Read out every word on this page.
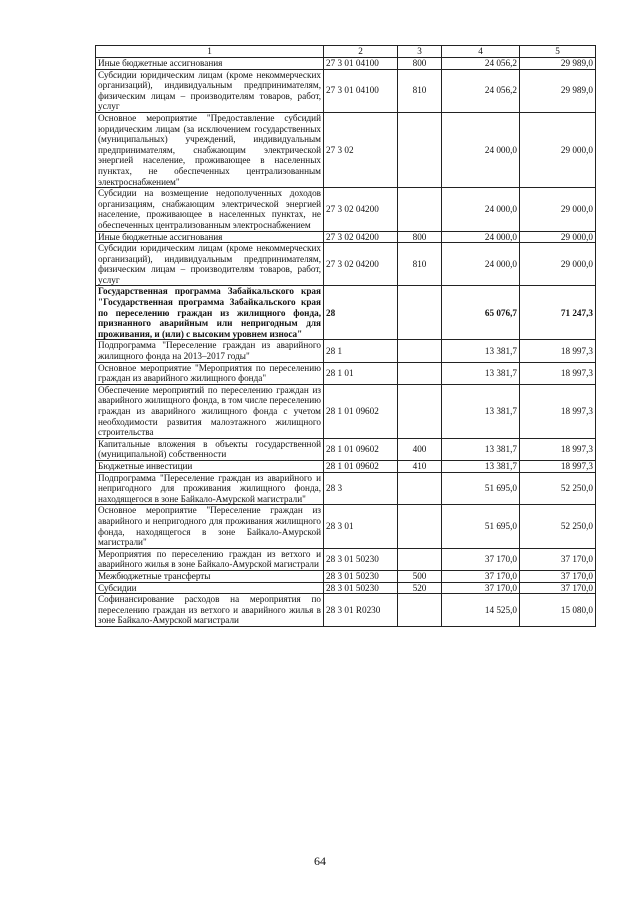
1	2	3	4	5
Иные бюджетные ассигнования	27 3 01 04100	800	24 056,2	29 989,0
Субсидии юридическим лицам (кроме некоммерческих организаций), индивидуальным предпринимателям, физическим лицам – производителям товаров, работ, услуг	27 3 01 04100	810	24 056,2	29 989,0
Основное мероприятие "Предоставление субсидий юридическим лицам (за исключением государственных (муниципальных) учреждений, индивидуальным предпринимателям, снабжающим электрической энергией население, проживающее в населенных пунктах, не обеспеченных централизованным электроснабжением"	27 3 02		24 000,0	29 000,0
Субсидии на возмещение недополученных доходов организациям, снабжающим электрической энергией население, проживающее в населенных пунктах, не обеспеченных централизованным электроснабжением	27 3 02 04200		24 000,0	29 000,0
Иные бюджетные ассигнования	27 3 02 04200	800	24 000,0	29 000,0
Субсидии юридическим лицам (кроме некоммерческих организаций), индивидуальным предпринимателям, физическим лицам – производителям товаров, работ, услуг	27 3 02 04200	810	24 000,0	29 000,0
Государственная программа Забайкальского края "Государственная программа Забайкальского края по переселению граждан из жилищного фонда, признанного аварийным или непригодным для проживания, и (или) с высоким уровнем износа"	28		65 076,7	71 247,3
Подпрограмма "Переселение граждан из аварийного жилищного фонда на 2013–2017 годы"	28 1		13 381,7	18 997,3
Основное мероприятие "Мероприятия по переселению граждан из аварийного жилищного фонда"	28 1 01		13 381,7	18 997,3
Обеспечение мероприятий по переселению граждан из аварийного жилищного фонда, в том числе переселению граждан из аварийного жилищного фонда с учетом необходимости развития малоэтажного жилищного строительства	28 1 01 09602		13 381,7	18 997,3
Капитальные вложения в объекты государственной (муниципальной) собственности	28 1 01 09602	400	13 381,7	18 997,3
Бюджетные инвестиции	28 1 01 09602	410	13 381,7	18 997,3
Подпрограмма "Переселение граждан из аварийного и непригодного для проживания жилищного фонда, находящегося в зоне Байкало-Амурской магистрали"	28 3		51 695,0	52 250,0
Основное мероприятие "Переселение граждан из аварийного и непригодного для проживания жилищного фонда, находящегося в зоне Байкало-Амурской магистрали"	28 3 01		51 695,0	52 250,0
Мероприятия по переселению граждан из ветхого и аварийного жилья в зоне Байкало-Амурской магистрали	28 3 01 50230		37 170,0	37 170,0
Межбюджетные трансферты	28 3 01 50230	500	37 170,0	37 170,0
Субсидии	28 3 01 50230	520	37 170,0	37 170,0
Софинансирование расходов на мероприятия по переселению граждан из ветхого и аварийного жилья в зоне Байкало-Амурской магистрали	28 3 01 R0230		14 525,0	15 080,0
64
